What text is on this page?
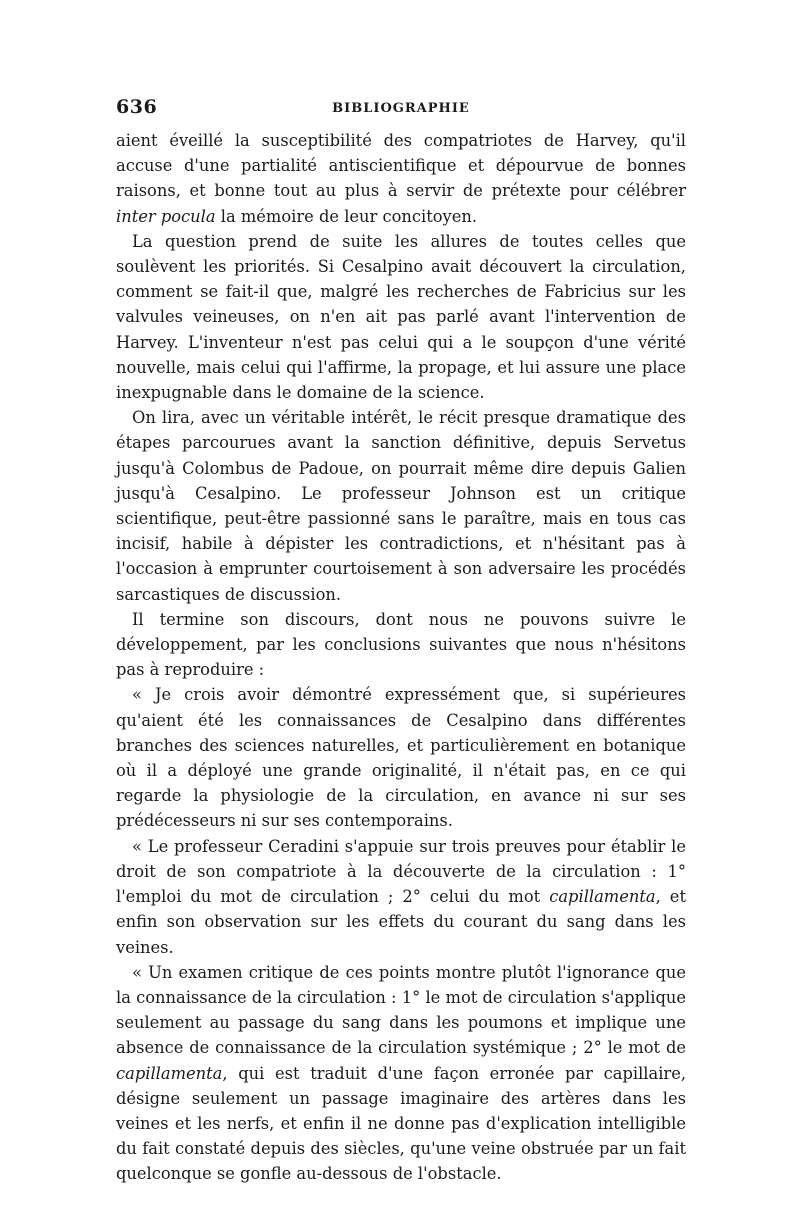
636	BIBLIOGRAPHIE

aient éveillé la susceptibilité des compatriotes de Harvey, qu'il accuse d'une partialité antiscientifique et dépourvue de bonnes raisons, et bonne tout au plus à servir de prétexte pour célébrer inter pocula la mémoire de leur concitoyen.

La question prend de suite les allures de toutes celles que soulèvent les priorités. Si Cesalpino avait découvert la circulation, comment se fait-il que, malgré les recherches de Fabricius sur les valvules veineuses, on n'en ait pas parlé avant l'intervention de Harvey. L'inventeur n'est pas celui qui a le soupçon d'une vérité nouvelle, mais celui qui l'affirme, la propage, et lui assure une place inexpugnable dans le domaine de la science.

On lira, avec un véritable intérêt, le récit presque dramatique des étapes parcourues avant la sanction définitive, depuis Servetus jusqu'à Colombus de Padoue, on pourrait même dire depuis Galien jusqu'à Cesalpino. Le professeur Johnson est un critique scientifique, peut-être passionné sans le paraître, mais en tous cas incisif, habile à dépister les contradictions, et n'hésitant pas à l'occasion à emprunter courtoisement à son adversaire les procédés sarcastiques de discussion.

Il termine son discours, dont nous ne pouvons suivre le développement, par les conclusions suivantes que nous n'hésitons pas à reproduire :

« Je crois avoir démontré expressément que, si supérieures qu'aient été les connaissances de Cesalpino dans différentes branches des sciences naturelles, et particulièrement en botanique où il a déployé une grande originalité, il n'était pas, en ce qui regarde la physiologie de la circulation, en avance ni sur ses prédécesseurs ni sur ses contemporains.

« Le professeur Ceradini s'appuie sur trois preuves pour établir le droit de son compatriote à la découverte de la circulation : 1° l'emploi du mot de circulation ; 2° celui du mot capillamenta, et enfin son observation sur les effets du courant du sang dans les veines.

« Un examen critique de ces points montre plutôt l'ignorance que la connaissance de la circulation : 1° le mot de circulation s'applique seulement au passage du sang dans les poumons et implique une absence de connaissance de la circulation systémique ; 2° le mot de capillamenta, qui est traduit d'une façon erronée par capillaire, désigne seulement un passage imaginaire des artères dans les veines et les nerfs, et enfin il ne donne pas d'explication intelligible du fait constaté depuis des siècles, qu'une veine obstruée par un fait quelconque se gonfle au-dessous de l'obstacle.
